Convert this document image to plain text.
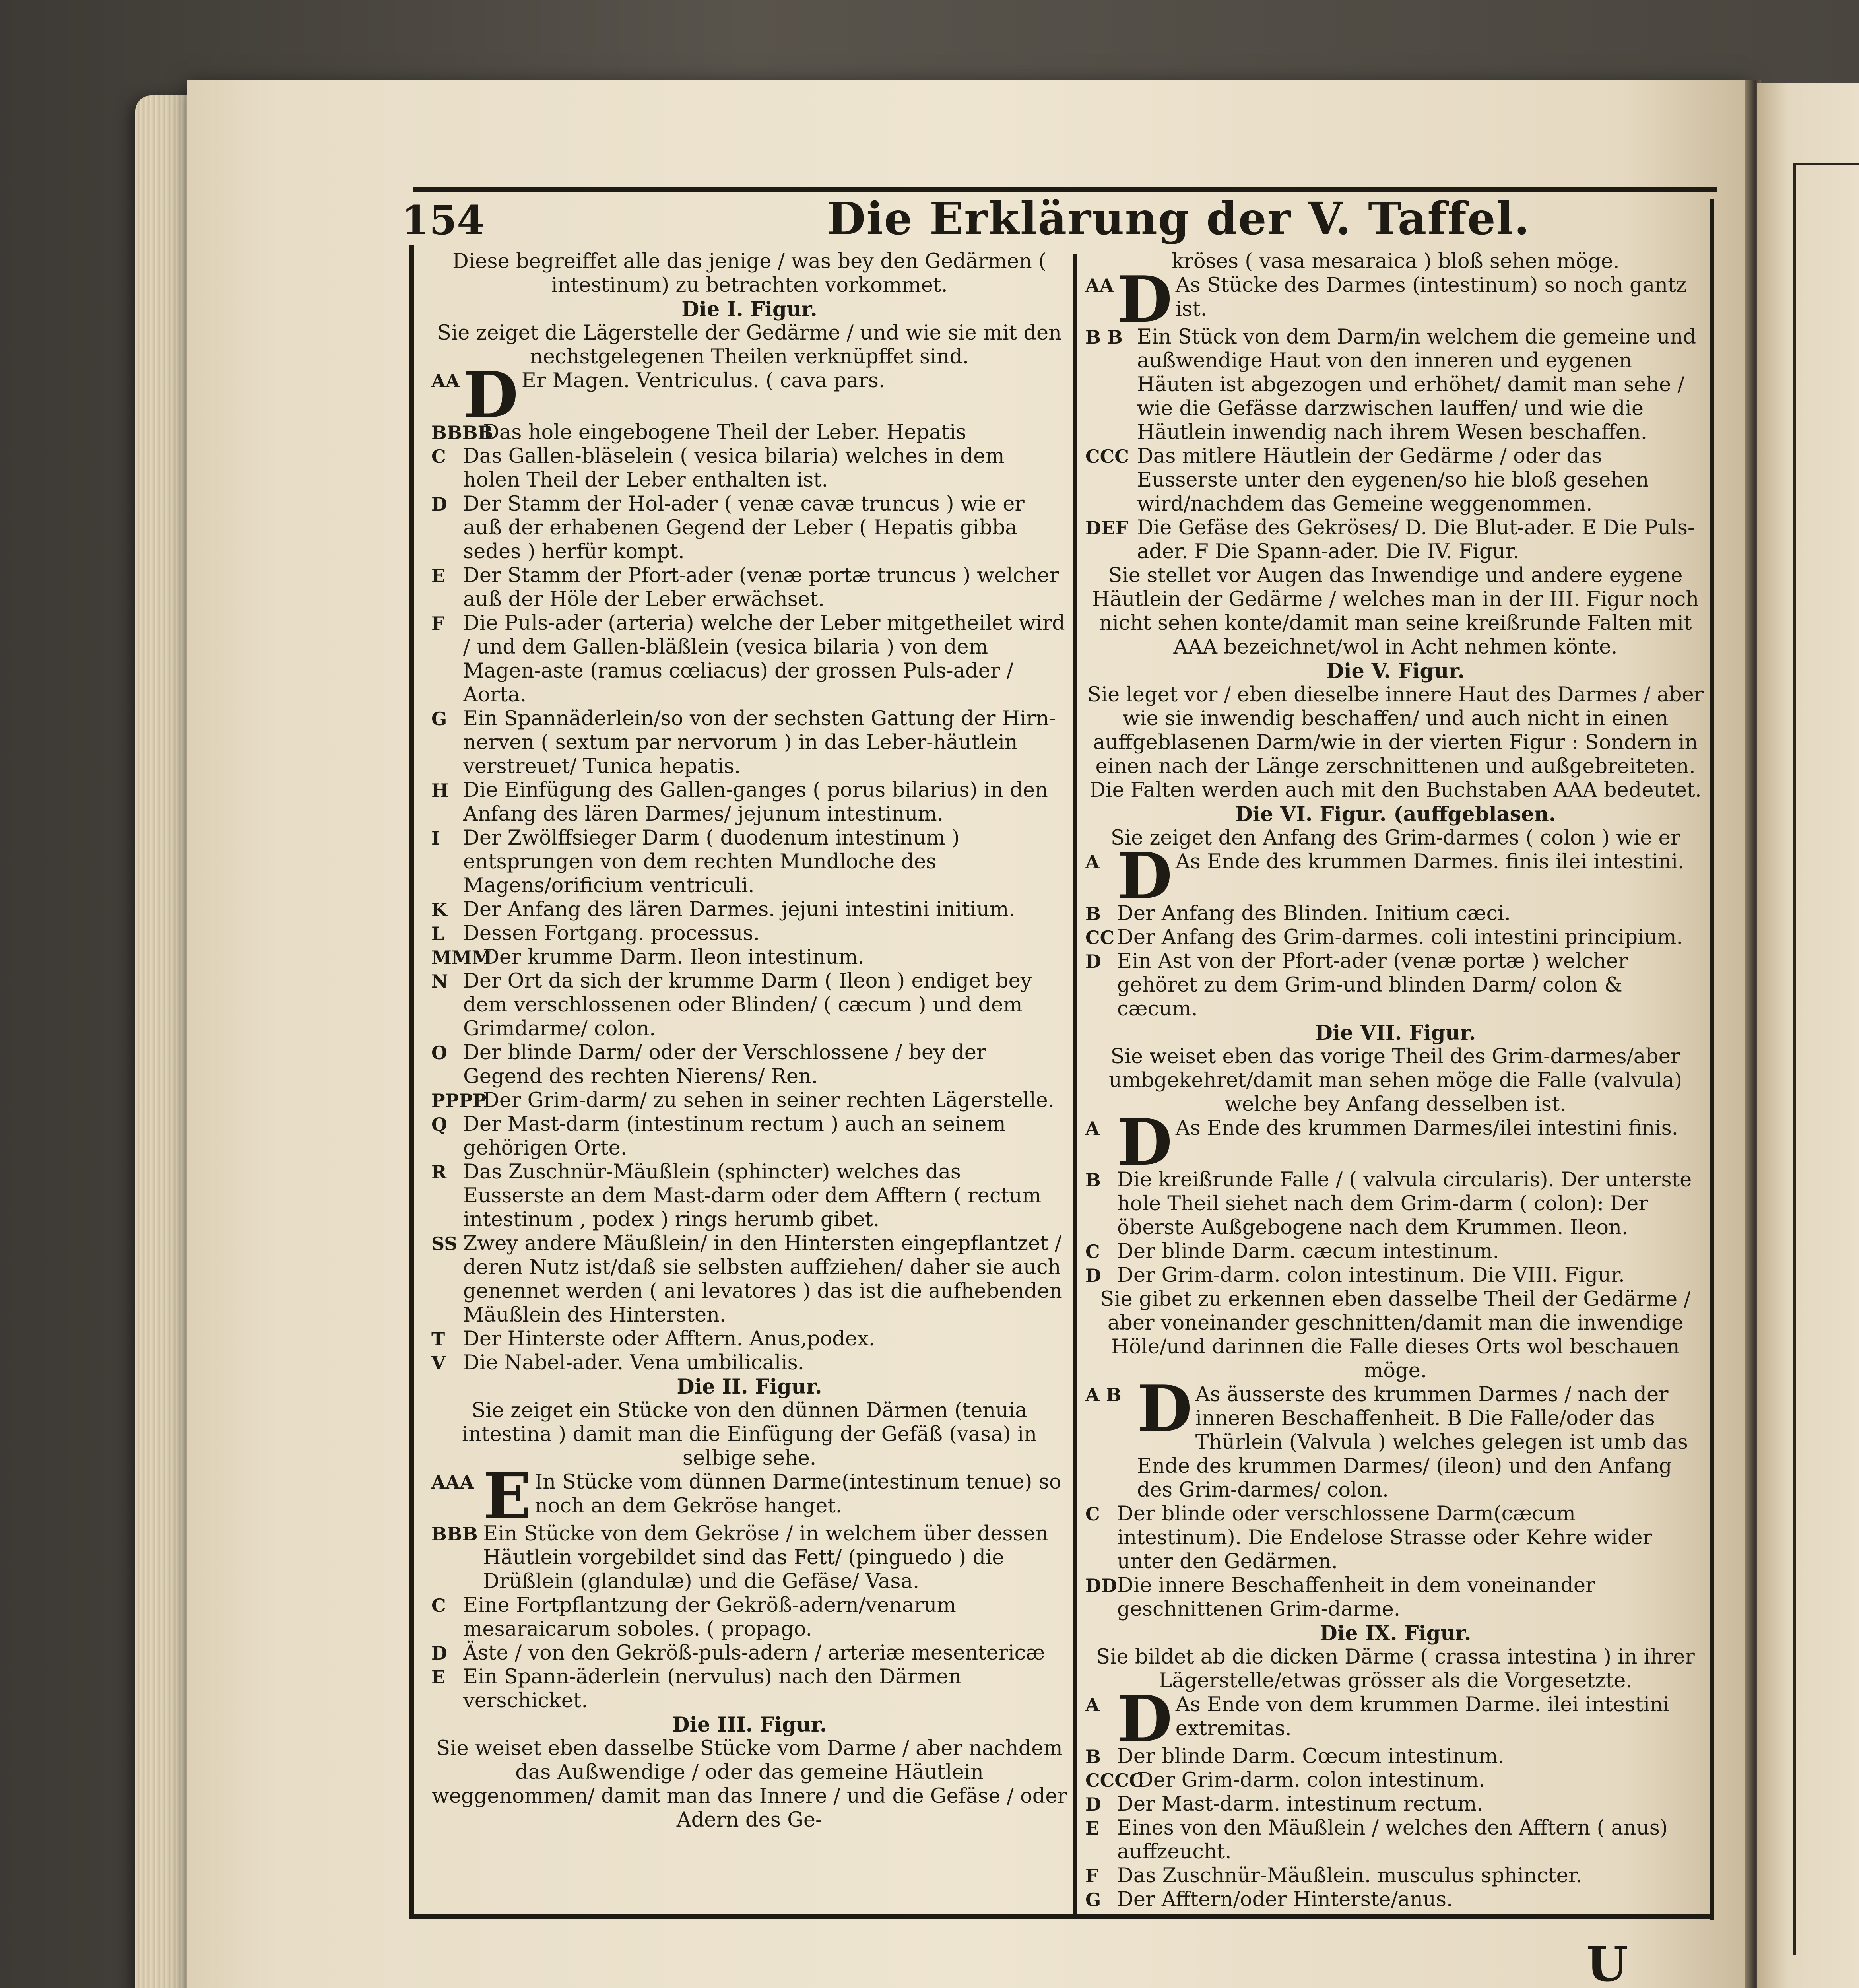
154	Die Erklärung der V. Taffel.

Diese begreiffet alle das jenige / was bey den Gedärmen ( intestinum) zu betrachten vorkommet.

Die I. Figur.

Sie zeiget die Lägerstelle der Gedärme / und wie sie mit den nechstgelegenen Theilen verknüpffet sind.

AA D Er Magen. Ventriculus. ( cava pars.
BBBB
Das hole eingebogene Theil der Leber. Hepatis
C Das Gallen-bläselein ( vesica bilaria) welches in dem holen Theil der Leber enthalten ist.
D Der Stamm der Hol-ader ( venæ cavæ truncus ) wie er auß der erhabenen Gegend der Leber ( Hepatis gibba sedes ) herfür kompt.
E Der Stamm der Pfort-ader (venæ portæ truncus ) welcher auß der Höle der Leber erwächset.
F Die Puls-ader (arteria) welche der Leber mitgetheilet wird / und dem Gallen-bläßlein (vesica bilaria ) von dem Magen-aste (ramus cœliacus) der grossen Puls-ader / Aorta.
G Ein Spannäderlein/so von der sechsten Gattung der Hirn-nerven ( sextum par nervorum ) in das Leber-häutlein verstreuet/ Tunica hepatis.
H Die Einfügung des Gallen-ganges ( porus bilarius) in den Anfang des lären Darmes/ jejunum intestinum.
I	Der Zwölffsieger Darm ( duodenum intestinum ) entsprungen von dem rechten Mundloche des Magens/orificium ventriculi.
K Der Anfang des lären Darmes. jejuni intestini initium.
L Dessen Fortgang. processus.
MMM
Der krumme Darm. Ileon intestinum.
N Der Ort da sich der krumme Darm ( Ileon ) endiget bey dem verschlossenen oder Blinden/ ( cæcum ) und dem Grimdarme/ colon.
O Der blinde Darm/ oder der Verschlossene / bey der Gegend des rechten Nierens/ Ren.
PPPP
Der Grim-darm/ zu sehen in seiner rechten Lägerstelle.
Q Der Mast-darm (intestinum rectum ) auch an seinem gehörigen Orte.
R Das Zuschnür-Mäußlein (sphincter) welches das Eusserste an dem Mast-darm oder dem Afftern ( rectum intestinum , podex ) rings herumb gibet.
SS Zwey andere Mäußlein/ in den Hintersten eingepflantzet / deren Nutz ist/daß sie selbsten auffziehen/ daher sie auch genennet werden ( ani levatores ) das ist die aufhebenden Mäußlein des Hintersten.
T Der Hinterste oder Afftern. Anus,podex.
V Die Nabel-ader. Vena umbilicalis.

Die II. Figur.

Sie zeiget ein Stücke von den dünnen Därmen (tenuia intestina ) damit man die Einfügung der Gefäß (vasa) in selbige sehe.

AAA E In Stücke vom dünnen Darme(intestinum tenue) so noch an dem Gekröse hanget.
BBB Ein Stücke von dem Gekröse / in welchem über dessen Häutlein vorgebildet sind das Fett/ (pinguedo ) die Drüßlein (glandulæ) und die Gefäse/ Vasa.
C Eine Fortpflantzung der Gekröß-adern/venarum mesaraicarum soboles. ( propago.
D Äste / von den Gekröß-puls-adern / arteriæ mesentericæ
E Ein Spann-äderlein (nervulus) nach den Därmen verschicket.

Die III. Figur.

Sie weiset eben dasselbe Stücke vom Darme / aber nachdem das Außwendige / oder das gemeine Häutlein weggenommen/ damit man das Innere / und die Gefäse / oder Adern des Ge-

kröses ( vasa mesaraica ) bloß sehen möge.

AA D As Stücke des Darmes (intestinum) so noch gantz ist.
B B Ein Stück von dem Darm/in welchem die gemeine und außwendige Haut von den inneren und eygenen Häuten ist abgezogen und erhöhet/ damit man sehe / wie die Gefässe darzwischen lauffen/ und wie die Häutlein inwendig nach ihrem Wesen beschaffen.
CCC Das mitlere Häutlein der Gedärme / oder das Eusserste unter den eygenen/so hie bloß gesehen wird/nachdem das Gemeine weggenommen.
DEF Die Gefäse des Gekröses/ D. Die Blut-ader. E Die Puls- ader. F Die Spann-ader. Die IV. Figur.

Sie stellet vor Augen das Inwendige und andere eygene Häutlein der Gedärme / welches man in der III. Figur noch nicht sehen konte/damit man seine kreißrunde Falten mit AAA bezeichnet/wol in Acht nehmen könte.

Die V. Figur.

Sie leget vor / eben dieselbe innere Haut des Darmes / aber wie sie inwendig beschaffen/ und auch nicht in einen auffgeblasenen Darm/wie in der vierten Figur : Sondern in einen nach der Länge zerschnittenen und außgebreiteten. Die Falten werden auch mit den Buchstaben AAA bedeutet.

Die VI. Figur. (auffgeblasen.

Sie zeiget den Anfang des Grim-darmes ( colon ) wie er

A D As Ende des krummen Darmes. finis ilei intestini.
B Der Anfang des Blinden. Initium cæci.
CC Der Anfang des Grim-darmes. coli intestini principium.
D Ein Ast von der Pfort-ader (venæ portæ ) welcher gehöret zu dem Grim-und blinden Darm/ colon & cæcum.

Die VII. Figur.

Sie weiset eben das vorige Theil des Grim-darmes/aber umbgekehret/damit man sehen möge die Falle (valvula) welche bey Anfang desselben ist.

A D As Ende des krummen Darmes/ilei intestini finis.
B Die kreißrunde Falle / ( valvula circularis). Der unterste hole Theil siehet nach dem Grim-darm ( colon): Der öberste Außgebogene nach dem Krummen. Ileon.
C Der blinde Darm. cæcum intestinum.
D Der Grim-darm. colon intestinum. Die VIII. Figur.

Sie gibet zu erkennen eben dasselbe Theil der Gedärme / aber voneinander geschnitten/damit man die inwendige Höle/und darinnen die Falle dieses Orts wol beschauen möge.

A B D As äusserste des krummen Darmes / nach der inneren Beschaffenheit. B Die Falle/oder das Thürlein (Valvula ) welches gelegen ist umb das Ende des krummen Darmes/ (ileon) und den Anfang des Grim-darmes/ colon.
C Der blinde oder verschlossene Darm(cæcum intestinum). Die Endelose Strasse oder Kehre wider unter den Gedärmen.
DD Die innere Beschaffenheit in dem voneinander geschnittenen Grim-darme.

Die IX. Figur.

Sie bildet ab die dicken Därme ( crassa intestina ) in ihrer Lägerstelle/etwas grösser als die Vorgesetzte.

A D As Ende von dem krummen Darme. ilei intestini extremitas.
B Der blinde Darm. Cœcum intestinum.
CCCC
Der Grim-darm. colon intestinum.
D Der Mast-darm. intestinum rectum.
E Eines von den Mäußlein / welches den Afftern ( anus) auffzeucht.
F Das Zuschnür-Mäußlein. musculus sphincter.
G Der Afftern/oder Hinterste/anus.
U
